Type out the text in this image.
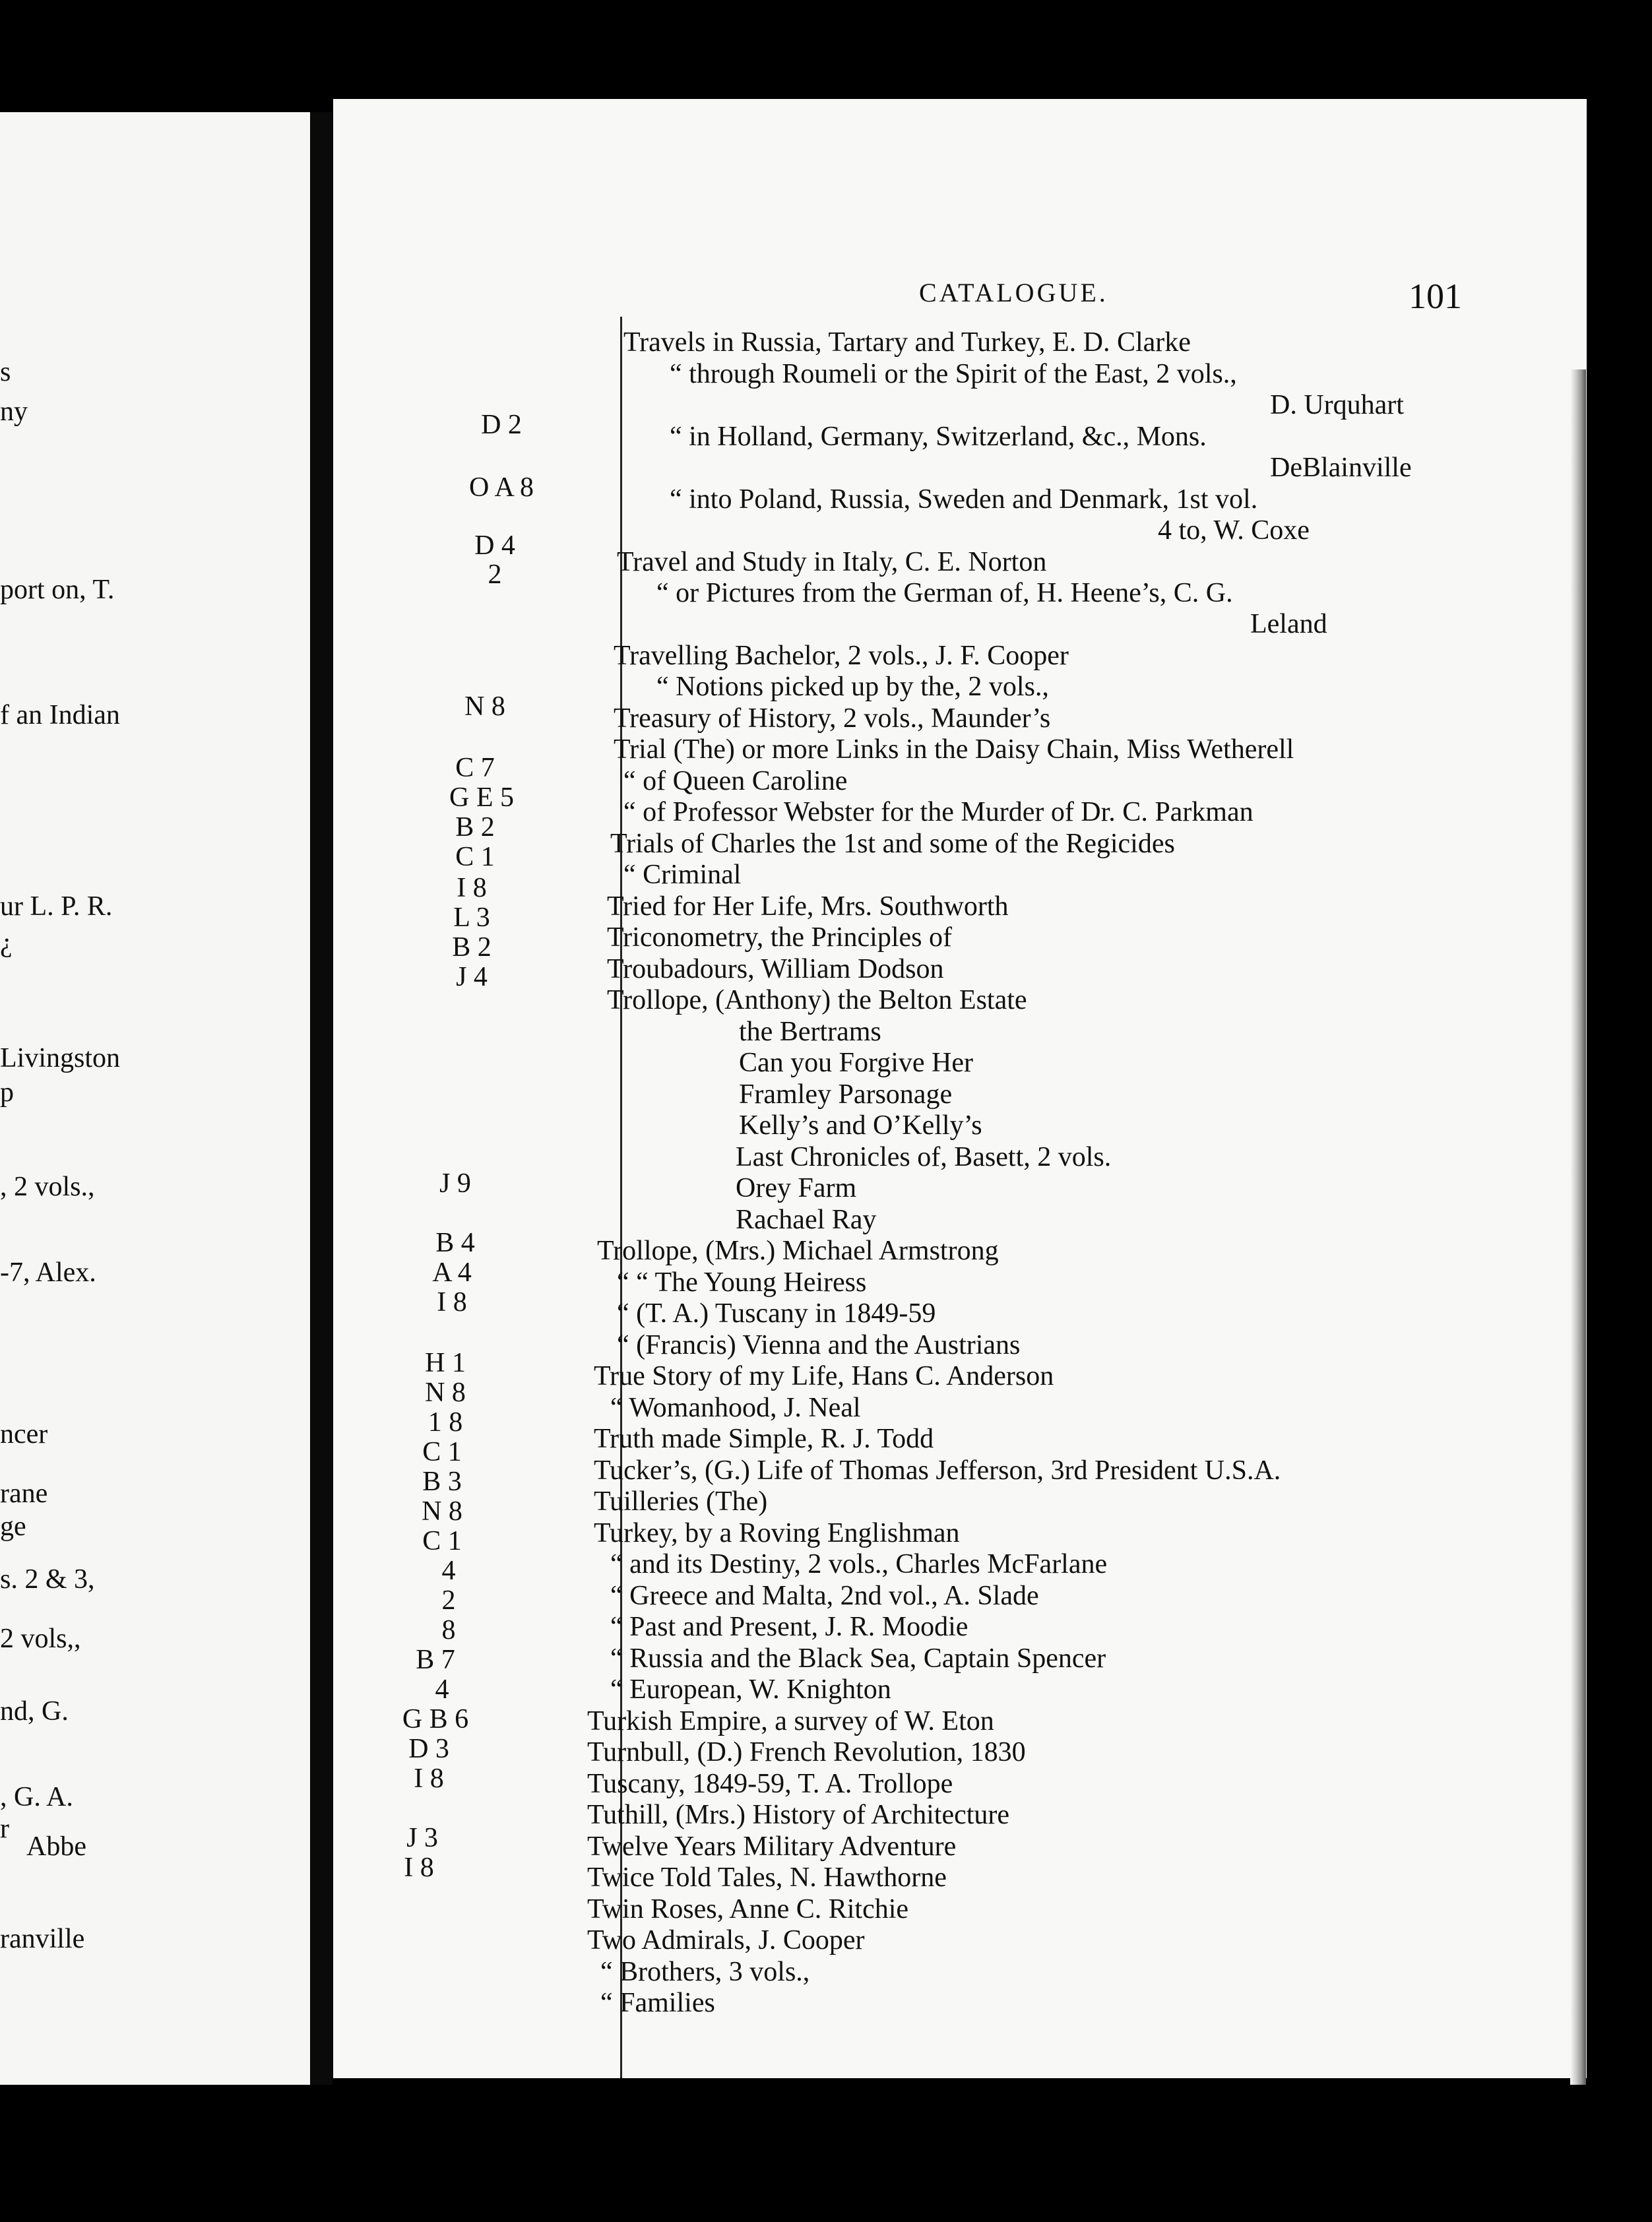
s
ny
port on, T.
f an Indian
ur L. P. R.
¿
Livingston
p
, 2 vols.,
-7, Alex.
ncer
rane
ge
s. 2 & 3,
2 vols,,
nd, G.
, G. A.
r
Abbe
ranville
CATALOGUE.	101
D 2
O A 8
D 4
2
N 8
C 7
G E 5
B 2
C 1
I 8
L 3
B 2
J 4
J 9
B 4
A 4
I 8
H 1
N 8
1 8
C 1
B 3
N 8
C 1
4
2
8
B 7
4
G B 6
D 3
I 8
J 3
I 8
Travels in Russia, Tartary and Turkey, E. D. Clarke
“ through Roumeli or the Spirit of the East, 2 vols.,
D. Urquhart
“ in Holland, Germany, Switzerland, &c., Mons.
DeBlainville
“ into Poland, Russia, Sweden and Denmark, 1st vol.
4 to, W. Coxe
Travel and Study in Italy, C. E. Norton
“ or Pictures from the German of, H. Heene’s, C. G.
Leland
Travelling Bachelor, 2 vols., J. F. Cooper
“ Notions picked up by the, 2 vols.,
Treasury of History, 2 vols., Maunder’s
Trial (The) or more Links in the Daisy Chain, Miss Wetherell
“ of Queen Caroline
“ of Professor Webster for the Murder of Dr. C. Parkman
Trials of Charles the 1st and some of the Regicides
“ Criminal
Tried for Her Life, Mrs. Southworth
Triconometry, the Principles of
Troubadours, William Dodson
Trollope, (Anthony) the Belton Estate
the Bertrams
Can you Forgive Her
Framley Parsonage
Kelly’s and O’Kelly’s
Last Chronicles of, Basett, 2 vols.
Orey Farm
Rachael Ray
Trollope, (Mrs.) Michael Armstrong
“ “ The Young Heiress
“ (T. A.) Tuscany in 1849-59
“ (Francis) Vienna and the Austrians
True Story of my Life, Hans C. Anderson
“ Womanhood, J. Neal
Truth made Simple, R. J. Todd
Tucker’s, (G.) Life of Thomas Jefferson, 3rd President U.S.A.
Tuilleries (The)
Turkey, by a Roving Englishman
“ and its Destiny, 2 vols., Charles McFarlane
“ Greece and Malta, 2nd vol., A. Slade
“ Past and Present, J. R. Moodie
“ Russia and the Black Sea, Captain Spencer
“ European, W. Knighton
Turkish Empire, a survey of W. Eton
Turnbull, (D.) French Revolution, 1830
Tuscany, 1849-59, T. A. Trollope
Tuthill, (Mrs.) History of Architecture
Twelve Years Military Adventure
Twice Told Tales, N. Hawthorne
Twin Roses, Anne C. Ritchie
Two Admirals, J. Cooper
“ Brothers, 3 vols.,
“ Families
